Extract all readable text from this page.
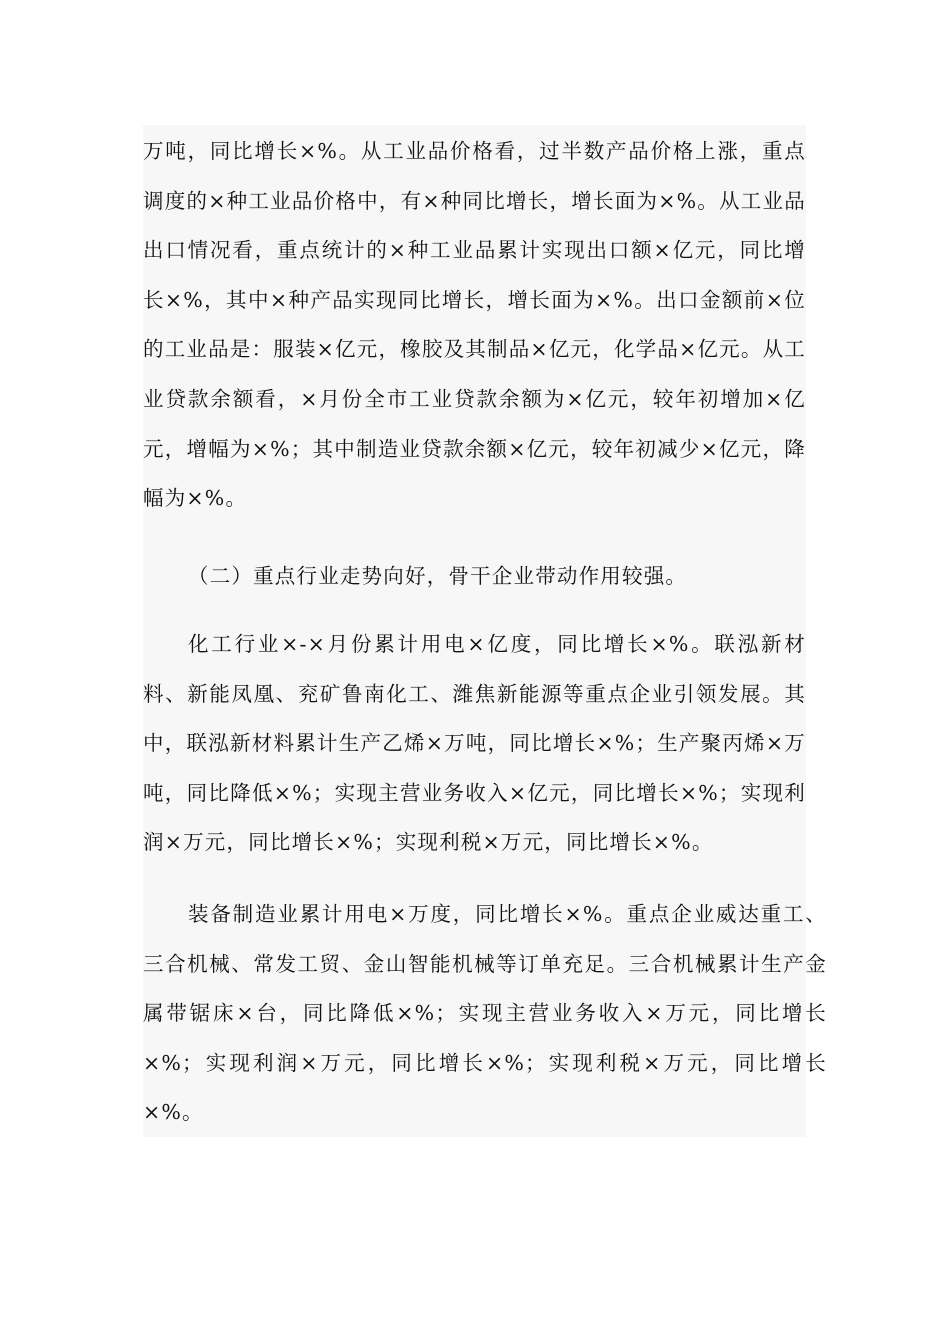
万吨，同比增长×%。从工业品价格看，过半数产品价格上涨，重点调度的×种工业品价格中，有×种同比增长，增长面为×%。从工业品出口情况看，重点统计的×种工业品累计实现出口额×亿元，同比增长×%，其中×种产品实现同比增长，增长面为×%。出口金额前×位的工业品是：服装×亿元，橡胶及其制品×亿元，化学品×亿元。从工业贷款余额看，×月份全市工业贷款余额为×亿元，较年初增加×亿元，增幅为×%；其中制造业贷款余额×亿元，较年初减少×亿元，降幅为×%。

（二）重点行业走势向好，骨干企业带动作用较强。

化工行业×-×月份累计用电×亿度，同比增长×%。联泓新材料、新能凤凰、兖矿鲁南化工、潍焦新能源等重点企业引领发展。其中，联泓新材料累计生产乙烯×万吨，同比增长×%；生产聚丙烯×万吨，同比降低×%；实现主营业务收入×亿元，同比增长×%；实现利润×万元，同比增长×%；实现利税×万元，同比增长×%。

装备制造业累计用电×万度，同比增长×%。重点企业威达重工、三合机械、常发工贸、金山智能机械等订单充足。三合机械累计生产金属带锯床×台，同比降低×%；实现主营业务收入×万元，同比增长×%；实现利润×万元，同比增长×%；实现利税×万元，同比增长×%。
